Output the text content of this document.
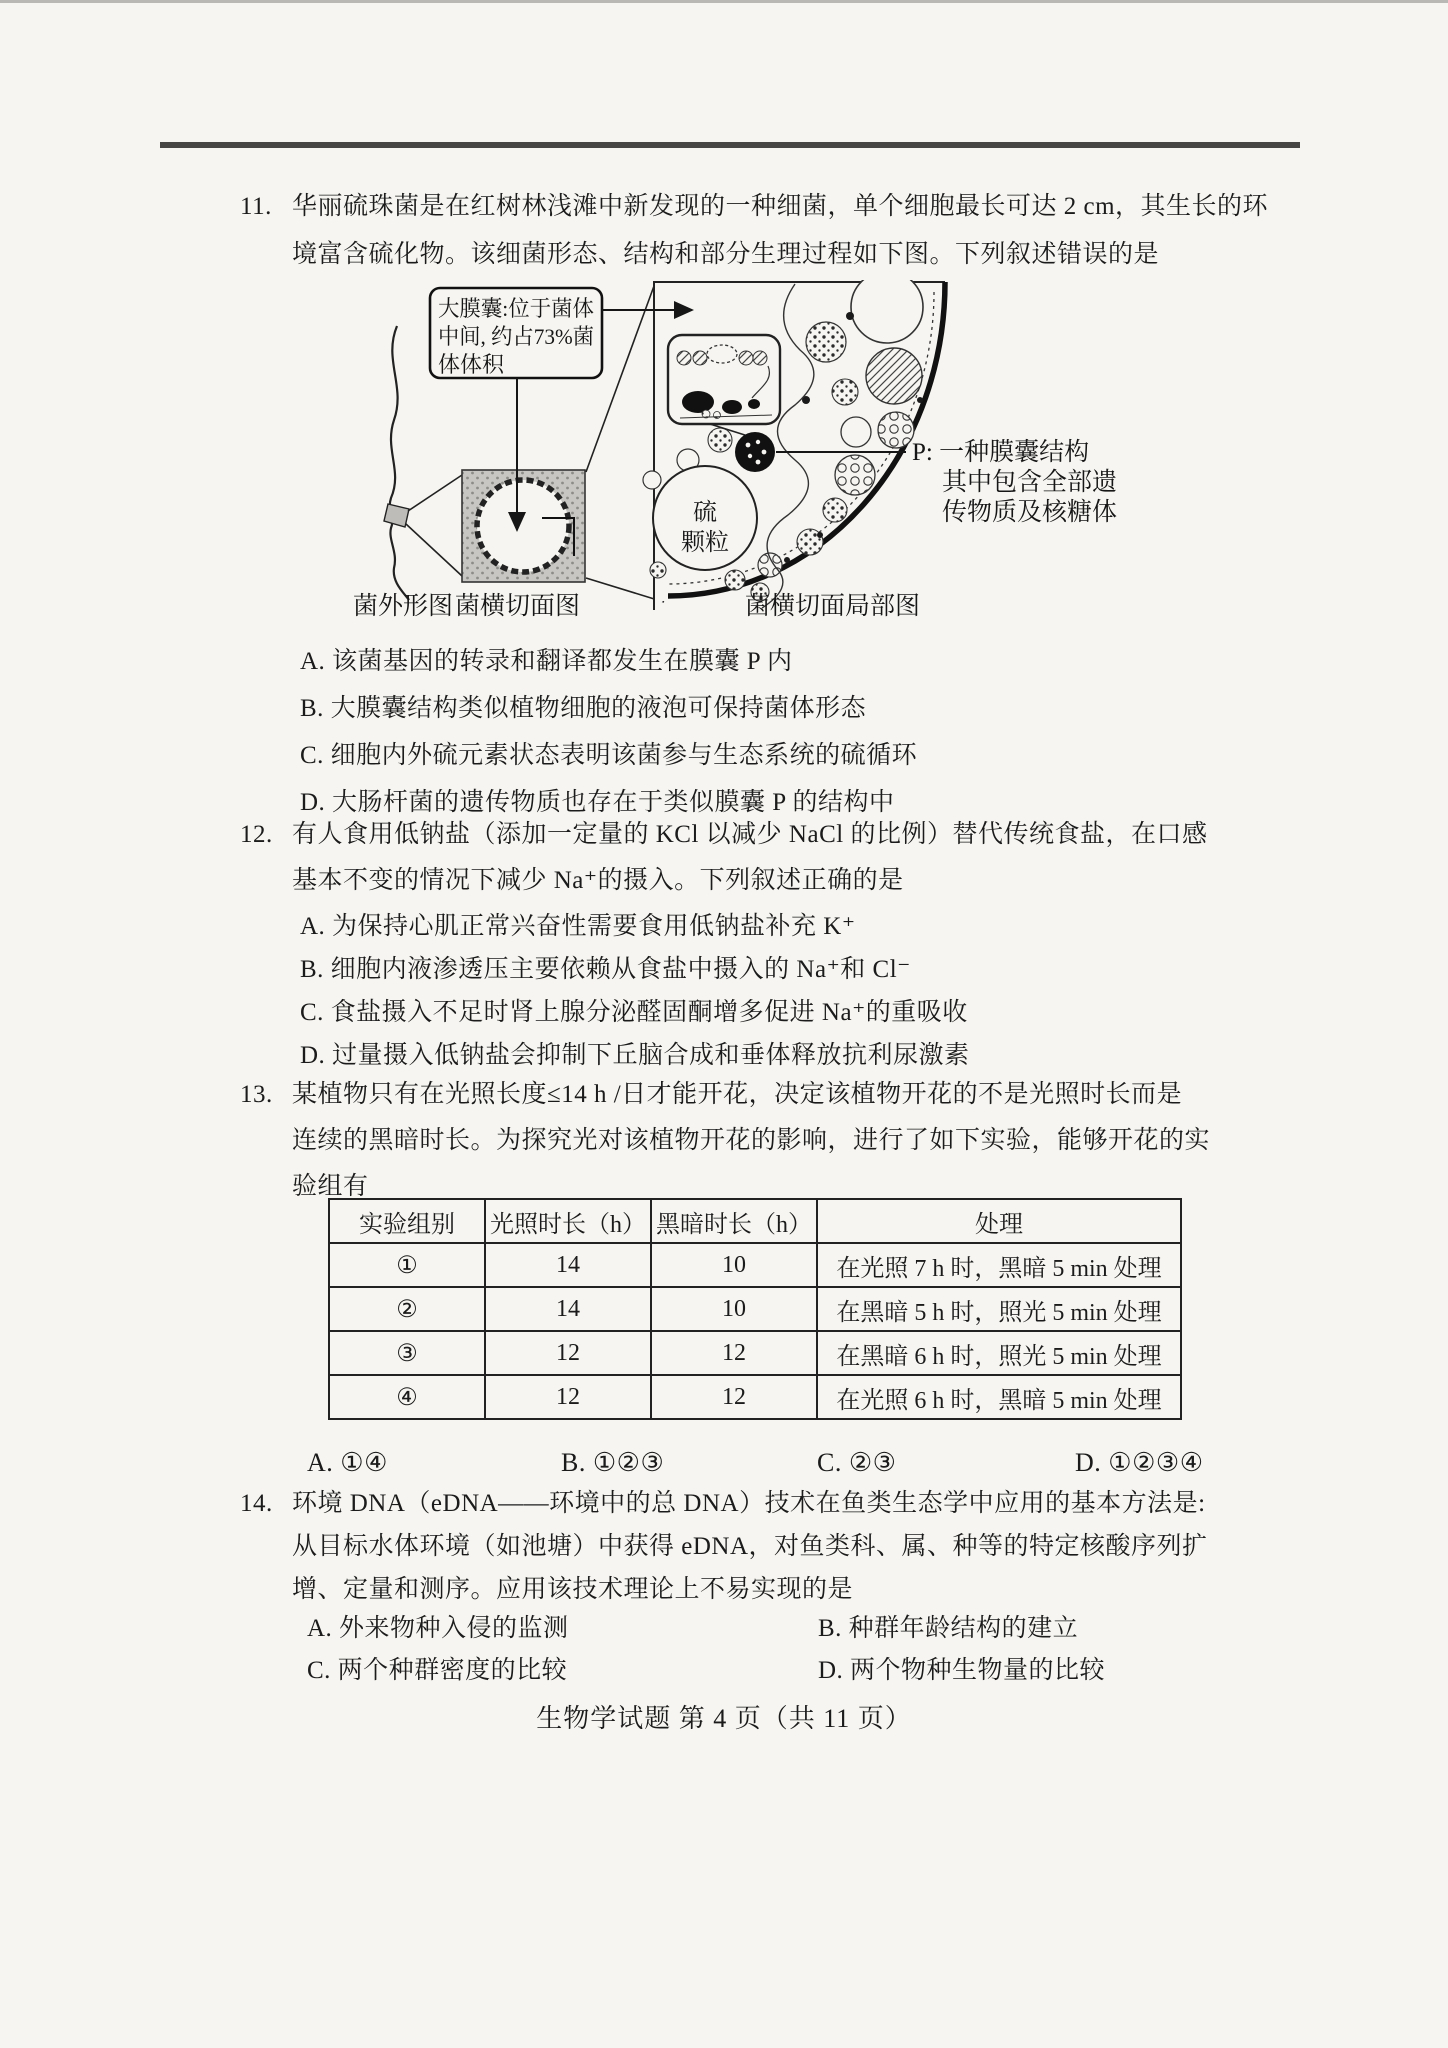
11. 华丽硫珠菌是在红树林浅滩中新发现的一种细菌，单个细胞最长可达 2 cm，其生长的环
境富含硫化物。该细菌形态、结构和部分生理过程如下图。下列叙述错误的是
硫
颗粒
大膜囊:位于菌体
中间, 约占73%菌
体体积
P: 一种膜囊结构
其中包含全部遗
传物质及核糖体
菌外形图 菌横切面图	菌横切面局部图
A. 该菌基因的转录和翻译都发生在膜囊 P 内
B. 大膜囊结构类似植物细胞的液泡可保持菌体形态
C. 细胞内外硫元素状态表明该菌参与生态系统的硫循环
D. 大肠杆菌的遗传物质也存在于类似膜囊 P 的结构中
12. 有人食用低钠盐（添加一定量的 KCl 以减少 NaCl 的比例）替代传统食盐，在口感
基本不变的情况下减少 Na⁺的摄入。下列叙述正确的是
A. 为保持心肌正常兴奋性需要食用低钠盐补充 K⁺
B. 细胞内液渗透压主要依赖从食盐中摄入的 Na⁺和 Cl⁻
C. 食盐摄入不足时肾上腺分泌醛固酮增多促进 Na⁺的重吸收
D. 过量摄入低钠盐会抑制下丘脑合成和垂体释放抗利尿激素
13. 某植物只有在光照长度≤14 h /日才能开花，决定该植物开花的不是光照时长而是
连续的黑暗时长。为探究光对该植物开花的影响，进行了如下实验，能够开花的实
验组有
实验组别	光照时长（h）	黑暗时长（h）	处理
①	14	10	在光照 7 h 时，黑暗 5 min 处理
②	14	10	在黑暗 5 h 时，照光 5 min 处理
③	12	12	在黑暗 6 h 时，照光 5 min 处理
④	12	12	在光照 6 h 时，黑暗 5 min 处理
A. ①④	B. ①②③	C. ②③	D. ①②③④
14. 环境 DNA（eDNA——环境中的总 DNA）技术在鱼类生态学中应用的基本方法是:
从目标水体环境（如池塘）中获得 eDNA，对鱼类科、属、种等的特定核酸序列扩
增、定量和测序。应用该技术理论上不易实现的是
A. 外来物种入侵的监测	B. 种群年龄结构的建立
C. 两个种群密度的比较	D. 两个物种生物量的比较
生物学试题 第 4 页（共 11 页）
